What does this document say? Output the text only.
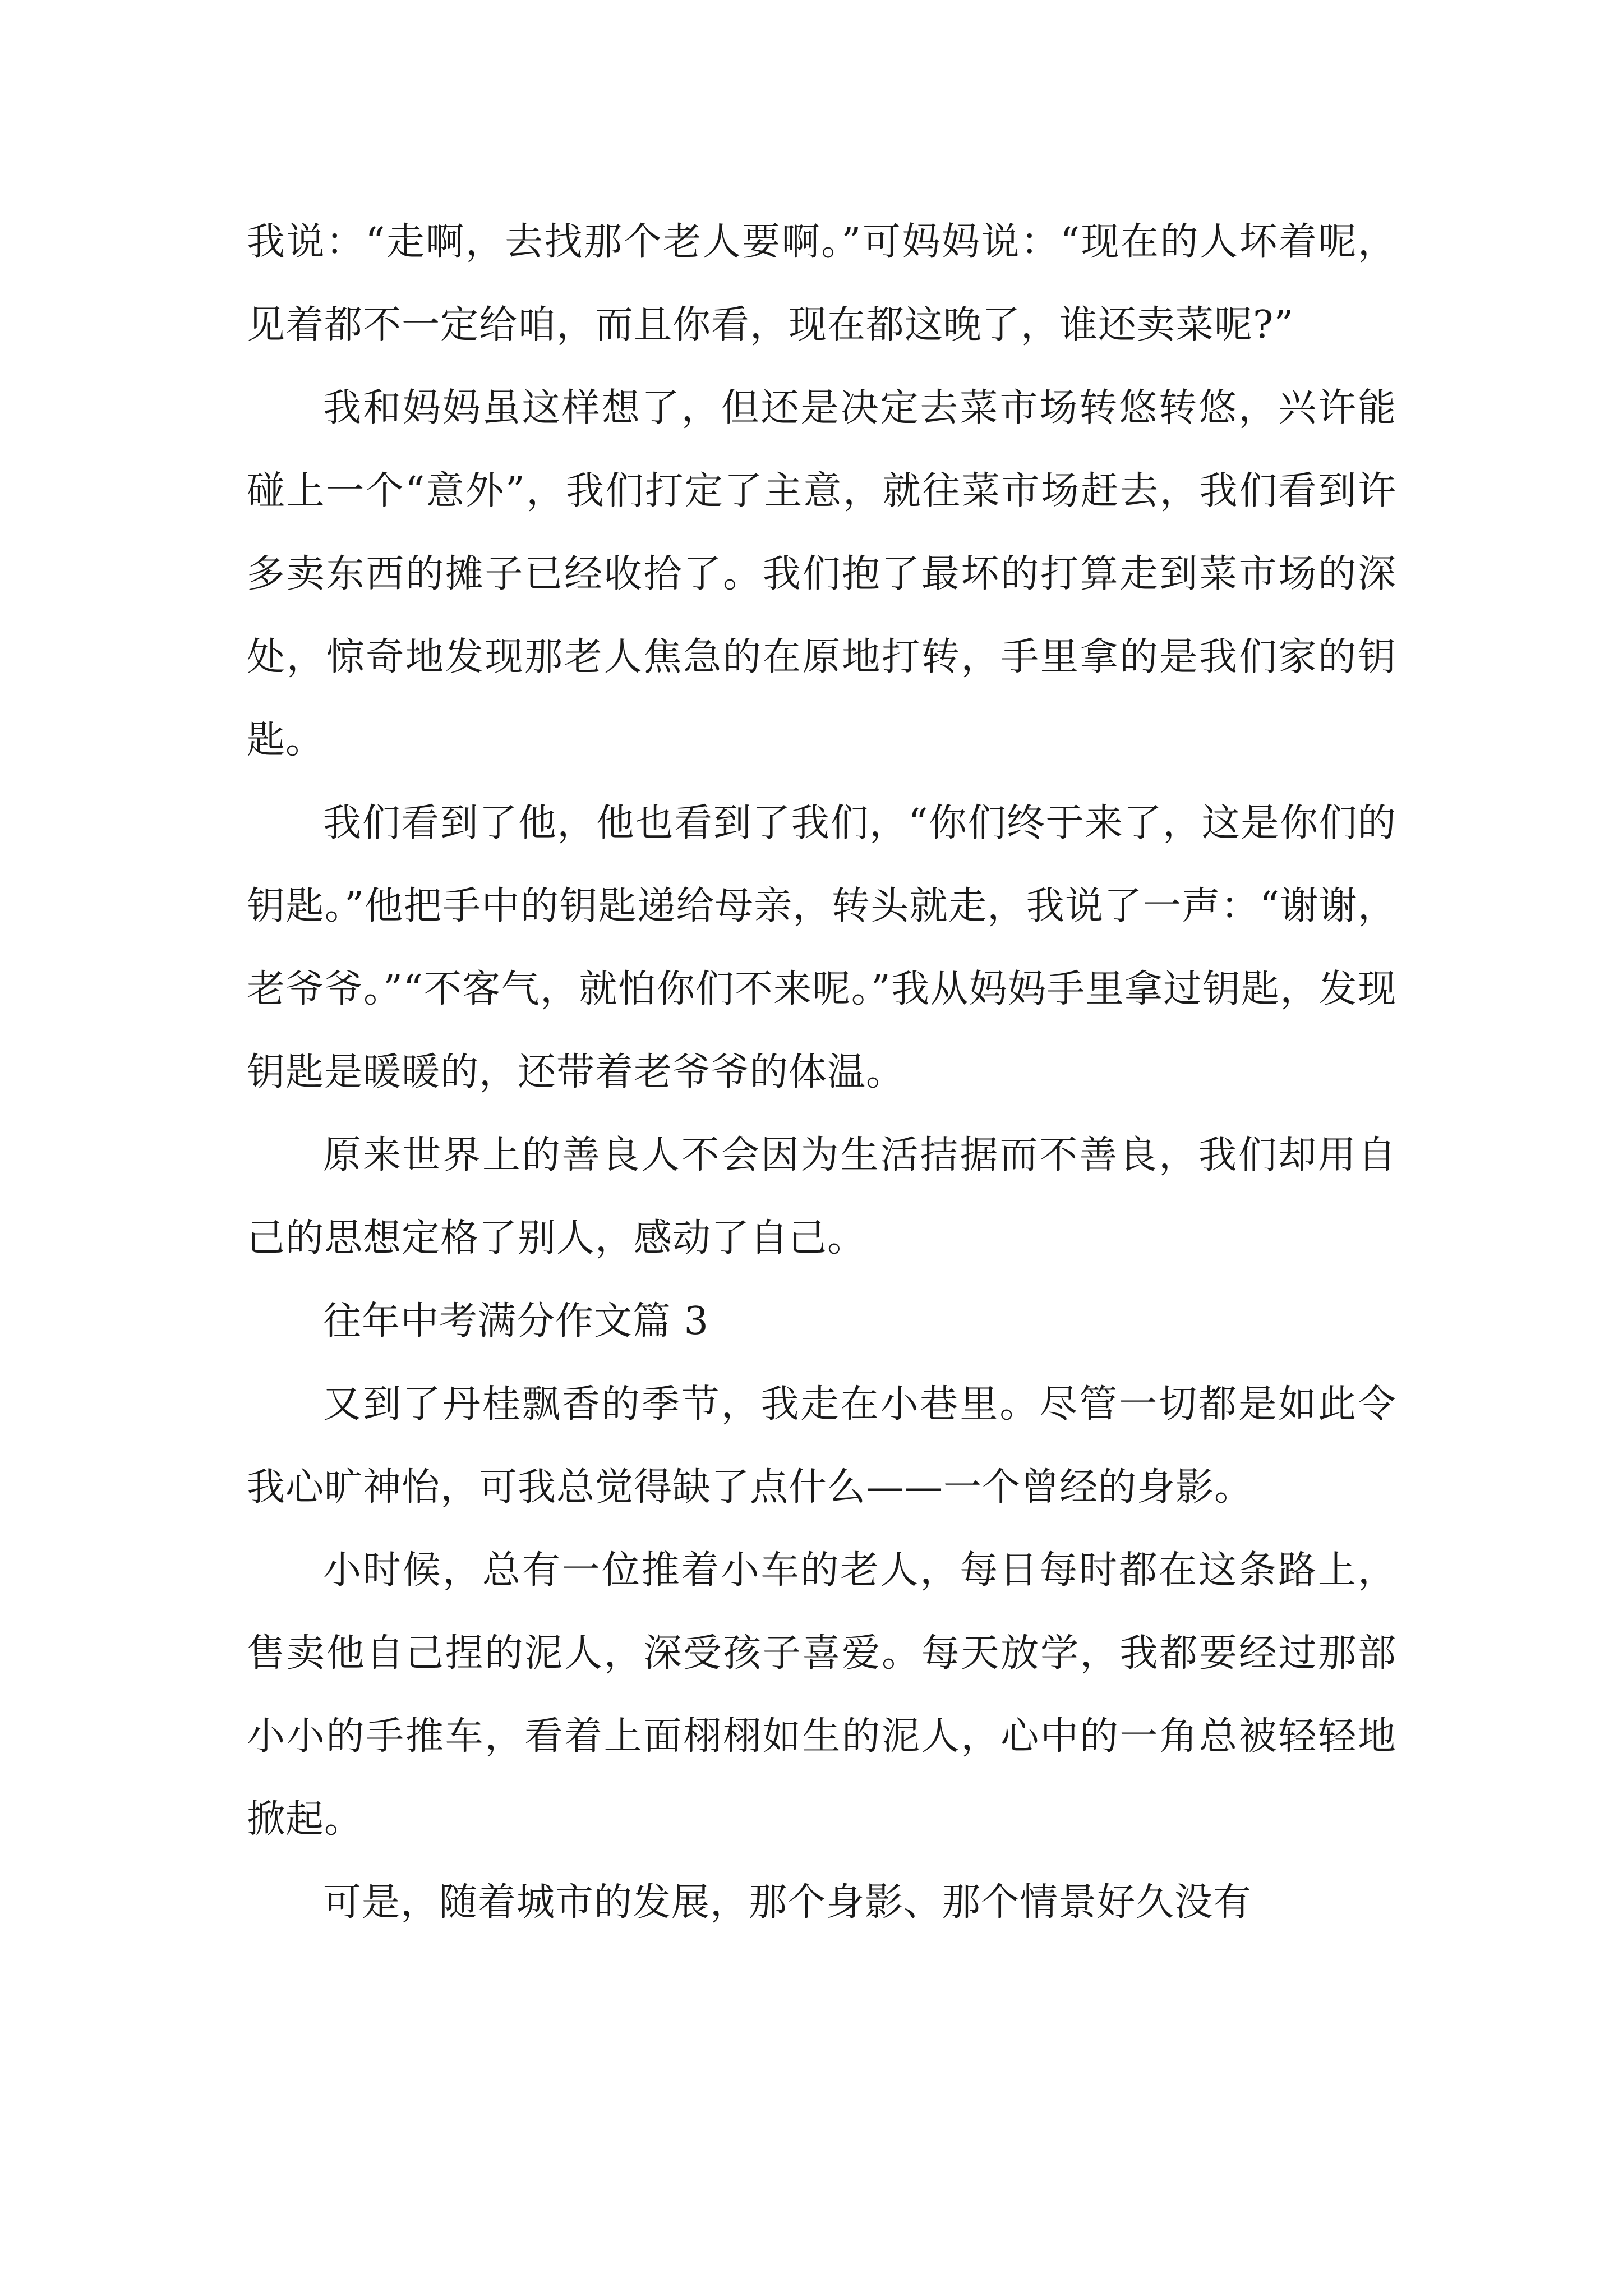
我说：“走啊，去找那个老人要啊。”可妈妈说：“现在的人坏着呢，见着都不一定给咱，而且你看，现在都这晚了，谁还卖菜呢?”

我和妈妈虽这样想了，但还是决定去菜市场转悠转悠，兴许能碰上一个“意外”，我们打定了主意，就往菜市场赶去，我们看到许多卖东西的摊子已经收拾了。我们抱了最坏的打算走到菜市场的深处，惊奇地发现那老人焦急的在原地打转，手里拿的是我们家的钥匙。

我们看到了他，他也看到了我们，“你们终于来了，这是你们的钥匙。”他把手中的钥匙递给母亲，转头就走，我说了一声：“谢谢，老爷爷。”“不客气，就怕你们不来呢。”我从妈妈手里拿过钥匙，发现钥匙是暖暖的，还带着老爷爷的体温。

原来世界上的善良人不会因为生活拮据而不善良，我们却用自己的思想定格了别人，感动了自己。

往年中考满分作文篇 3

又到了丹桂飘香的季节，我走在小巷里。尽管一切都是如此令我心旷神怡，可我总觉得缺了点什么——一个曾经的身影。

小时候，总有一位推着小车的老人，每日每时都在这条路上，售卖他自己捏的泥人，深受孩子喜爱。每天放学，我都要经过那部小小的手推车，看着上面栩栩如生的泥人，心中的一角总被轻轻地掀起。

可是，随着城市的发展，那个身影、那个情景好久没有
